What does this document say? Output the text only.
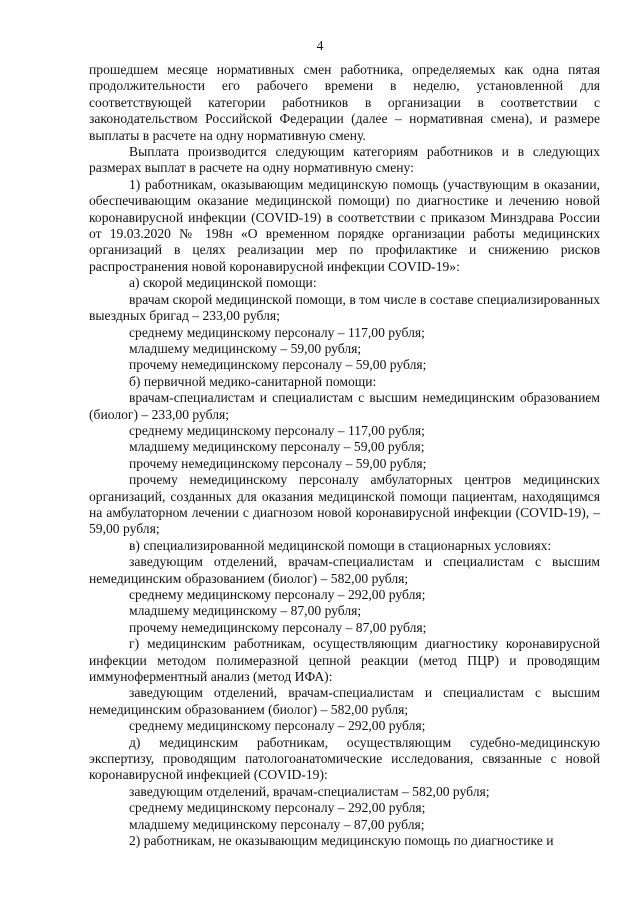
4

прошедшем месяце нормативных смен работника, определяемых как одна пятая продолжительности его рабочего времени в неделю, установленной для соответствующей категории работников в организации в соответствии с законодательством Российской Федерации (далее – нормативная смена), и размере выплаты в расчете на одну нормативную смену.

Выплата производится следующим категориям работников и в следующих размерах выплат в расчете на одну нормативную смену:

1) работникам, оказывающим медицинскую помощь (участвующим в оказании, обеспечивающим оказание медицинской помощи) по диагностике и лечению новой коронавирусной инфекции (COVID-19) в соответствии с приказом Минздрава России от 19.03.2020 № 198н «О временном порядке организации работы медицинских организаций в целях реализации мер по профилактике и снижению рисков распространения новой коронавирусной инфекции COVID-19»:

а) скорой медицинской помощи:

врачам скорой медицинской помощи, в том числе в составе специализированных выездных бригад – 233,00 рубля;

среднему медицинскому персоналу – 117,00 рубля;

младшему медицинскому – 59,00 рубля;

прочему немедицинскому персоналу – 59,00 рубля;

б) первичной медико-санитарной помощи:

врачам-специалистам и специалистам с высшим немедицинским образованием (биолог) – 233,00 рубля;

среднему медицинскому персоналу – 117,00 рубля;

младшему медицинскому персоналу – 59,00 рубля;

прочему немедицинскому персоналу – 59,00 рубля;

прочему немедицинскому персоналу амбулаторных центров медицинских организаций, созданных для оказания медицинской помощи пациентам, находящимся на амбулаторном лечении с диагнозом новой коронавирусной инфекции (COVID-19), – 59,00 рубля;

в) специализированной медицинской помощи в стационарных условиях:

заведующим отделений, врачам-специалистам и специалистам с высшим немедицинским образованием (биолог) – 582,00 рубля;

среднему медицинскому персоналу – 292,00 рубля;

младшему медицинскому – 87,00 рубля;

прочему немедицинскому персоналу – 87,00 рубля;

г) медицинским работникам, осуществляющим диагностику коронавирусной инфекции методом полимеразной цепной реакции (метод ПЦР) и проводящим иммуноферментный анализ (метод ИФА):

заведующим отделений, врачам-специалистам и специалистам с высшим немедицинским образованием (биолог) – 582,00 рубля;

среднему медицинскому персоналу – 292,00 рубля;

д) медицинским работникам, осуществляющим судебно-медицинскую экспертизу, проводящим патологоанатомические исследования, связанные с новой коронавирусной инфекцией (COVID-19):

заведующим отделений, врачам-специалистам – 582,00 рубля;

среднему медицинскому персоналу – 292,00 рубля;

младшему медицинскому персоналу – 87,00 рубля;

2) работникам, не оказывающим медицинскую помощь по диагностике и
